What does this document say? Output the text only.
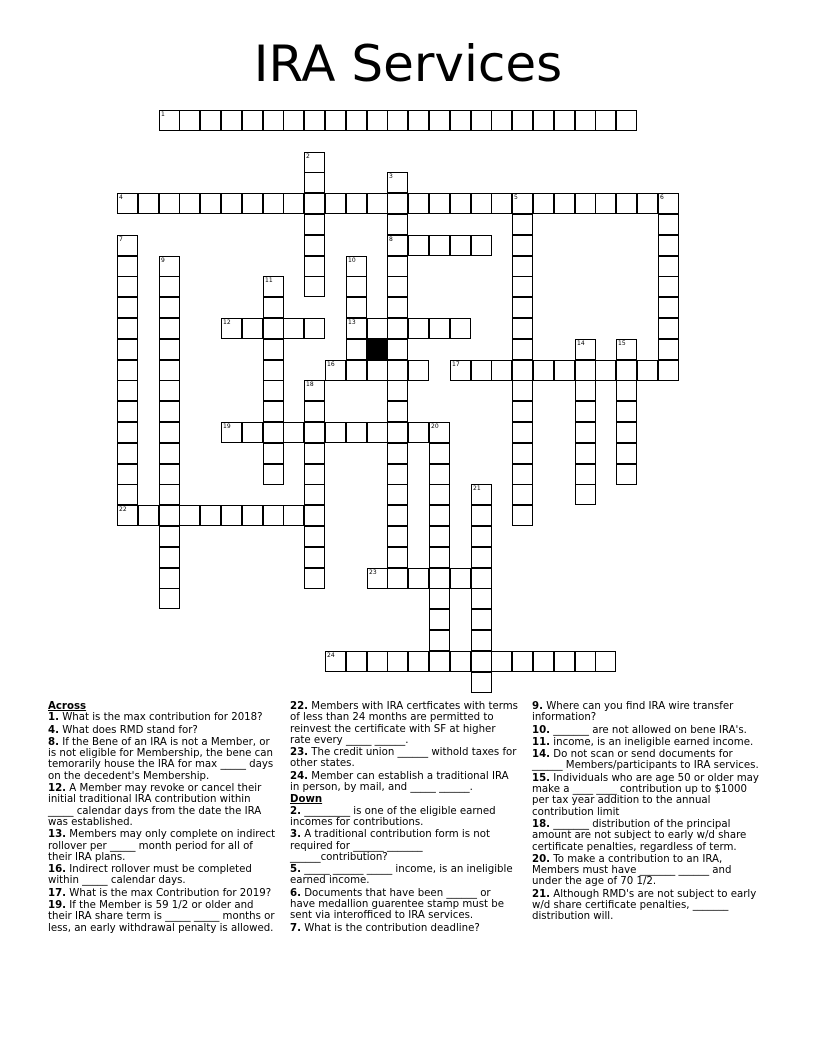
IRA Services
1
2
3
8
4	5	6
7
9	10
13
11
12
14	15
16	17
18
19	20
21
22
23
24
Across
1. What is the max contribution for 2018?
4. What does RMD stand for?
8. If the Bene of an IRA is not a Member, or is not eligible for Membership, the bene can temorarily house the IRA for max _____ days on the decedent's Membership.
12. A Member may revoke or cancel their initial traditional IRA contribution within _____ calendar days from the date the IRA was established.
13. Members may only complete on indirect rollover per _____ month period for all of their IRA plans.
16. Indirect rollover must be completed within _____ calendar days.
17. What is the max Contribution for 2019?
19. If the Member is 59 1/2 or older and their IRA share term is _____ _____ months or less, an early withdrawal penalty is allowed.
22. Members with IRA certficates with terms of less than 24 months are permitted to reinvest the certificate with SF at higher rate every _____ ______.
23. The credit union ______ withold taxes for other states.
24. Member can establish a traditional IRA in person, by mail, and _____ ______.
Down
2. _________ is one of the eligible earned incomes for contributions.
3. A traditional contribution form is not required for ______ _______ ______contribution?
5. _____ ______ _____ income, is an ineligible earned income.
6. Documents that have been ______ or have medallion guarentee stamp must be sent via interofficed to IRA services.
7. What is the contribution deadline?
9. Where can you find IRA wire transfer information?
10. _______ are not allowed on bene IRA's.
11. income, is an ineligible earned income.
14. Do not scan or send documents for ______ Members/participants to IRA services.
15. Individuals who are age 50 or older may make a ____ ____ contribution up to $1000 per tax year addition to the annual contribution limit
18. _______ distribution of the principal amount are not subject to early w/d share certificate penalties, regardless of term.
20. To make a contribution to an IRA, Members must have _______ ______ and under the age of 70 1/2.
21. Although RMD's are not subject to early w/d share certificate penalties, _______ distribution will.
